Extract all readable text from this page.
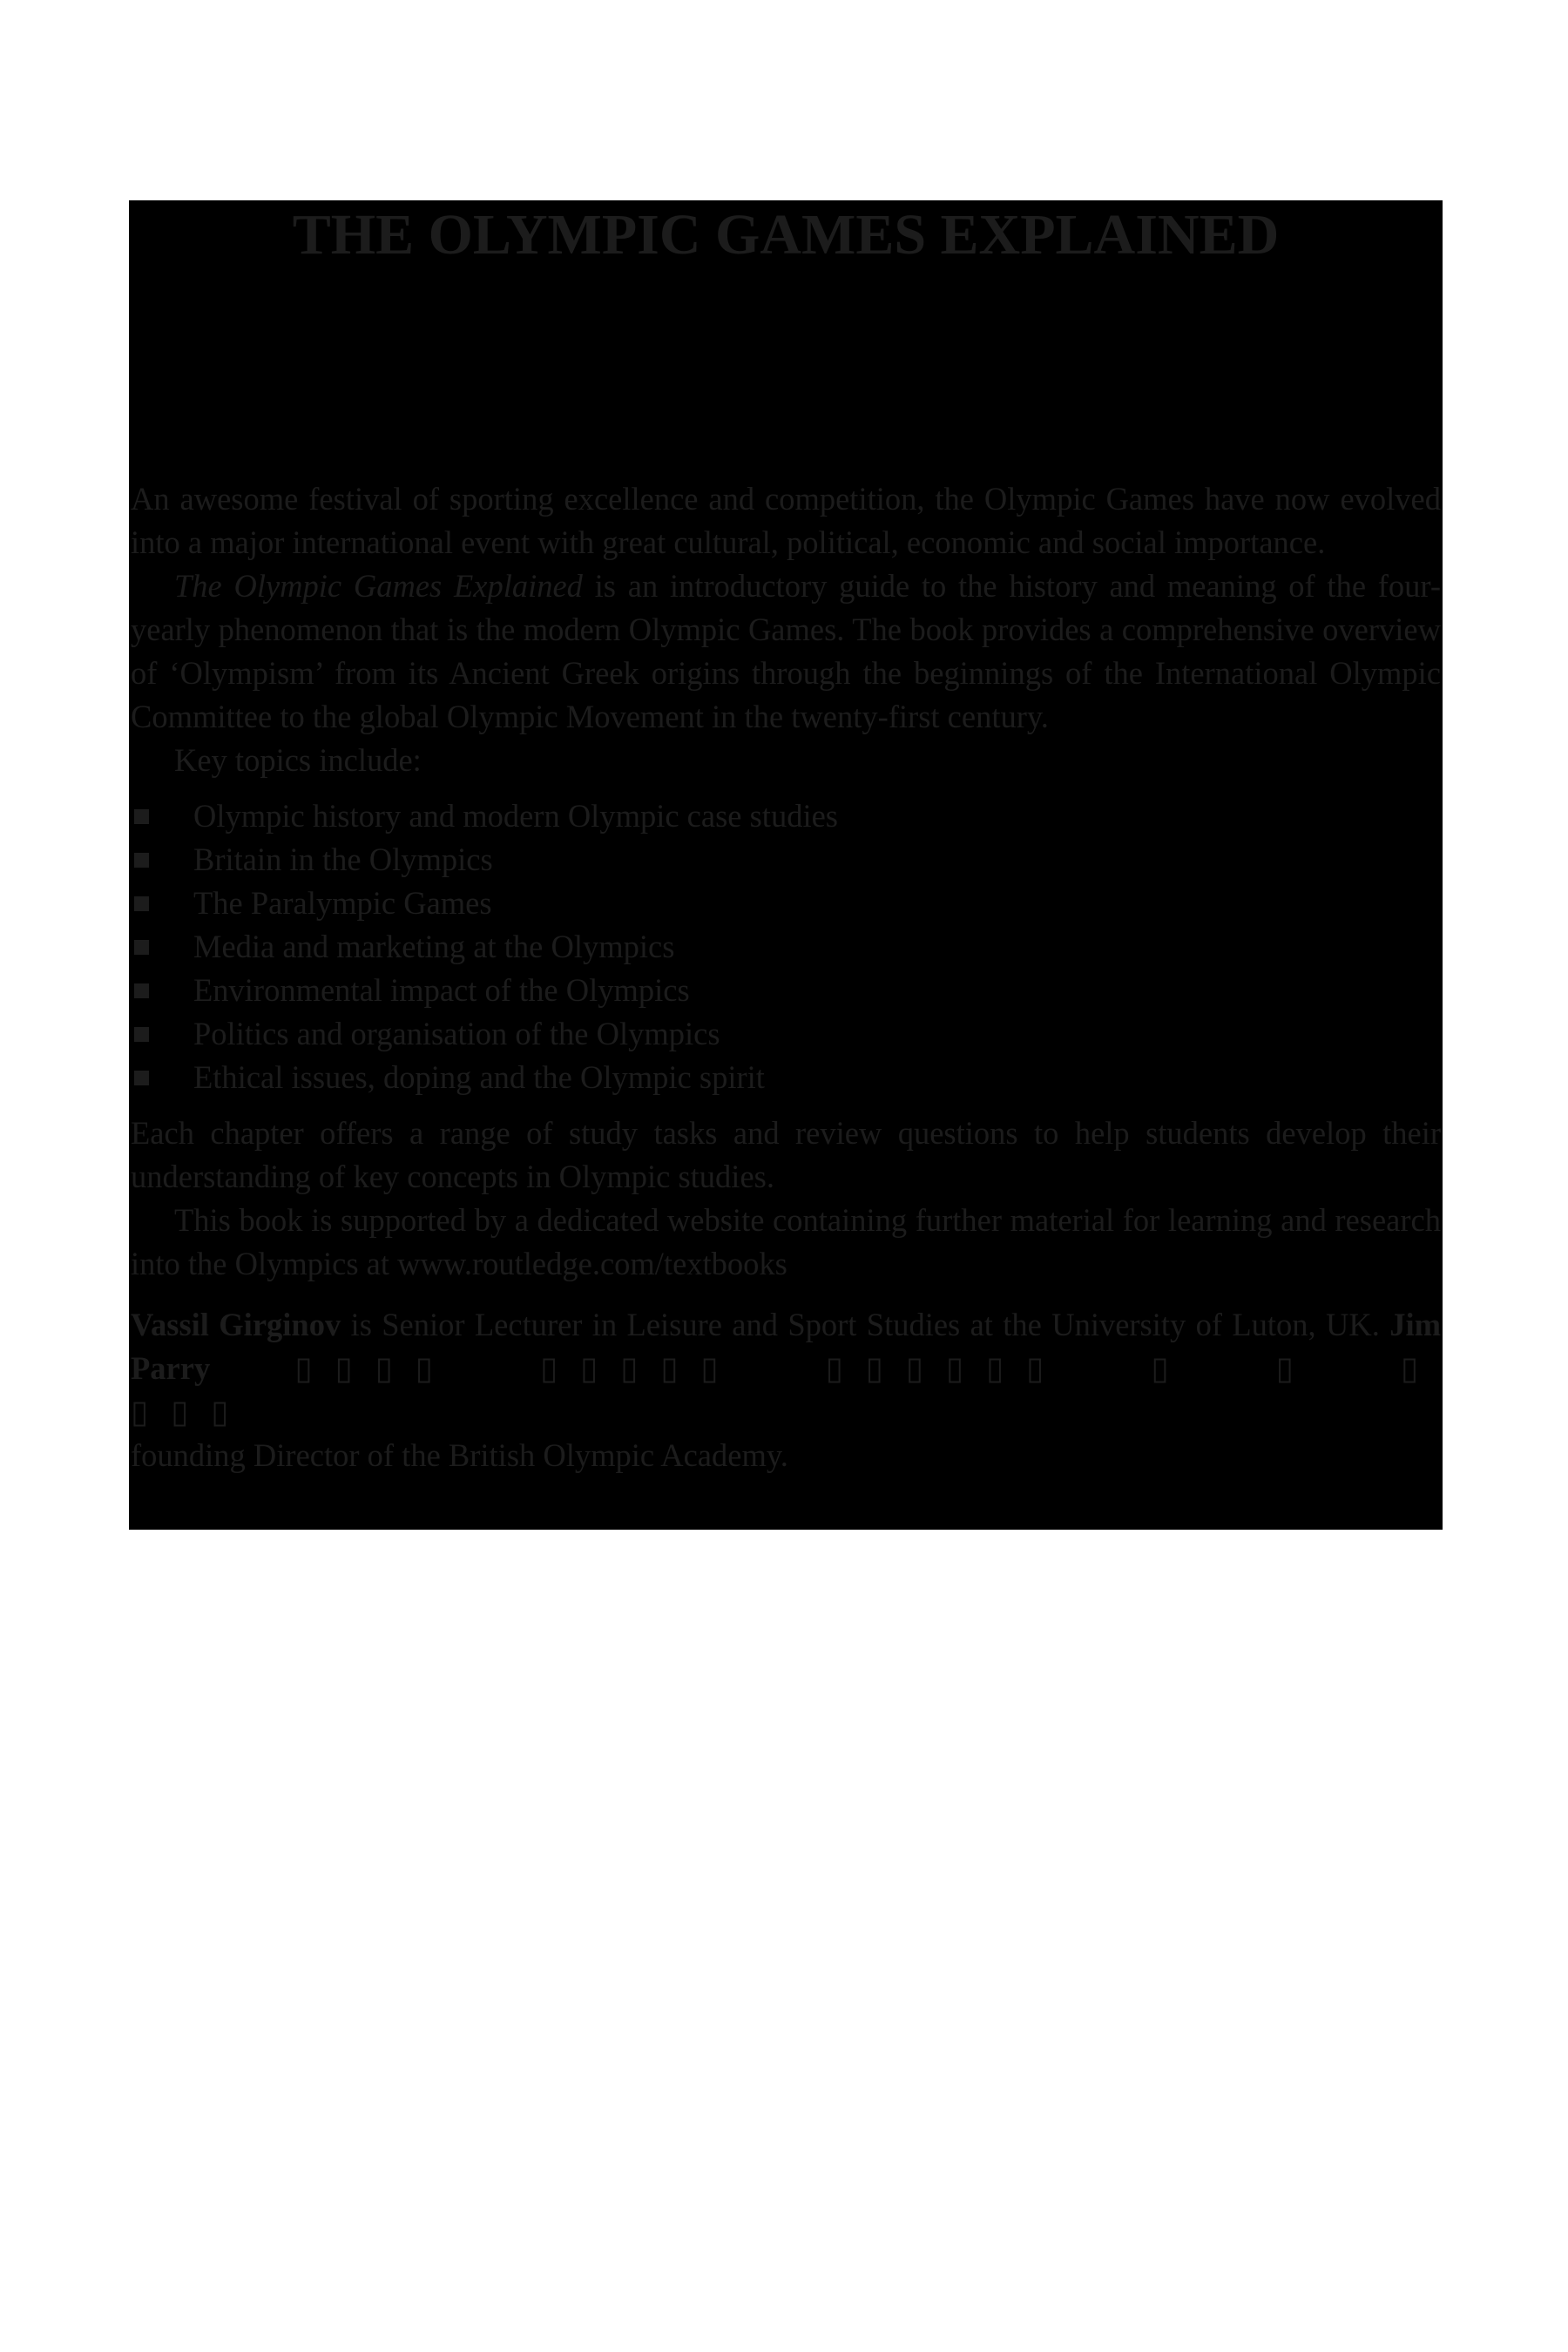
THE OLYMPIC GAMES EXPLAINED

An awesome festival of sporting excellence and competition, the Olympic Games have now evolved into a major international event with great cultural, political, economic and social importance.

The Olympic Games Explained is an introductory guide to the history and meaning of the four-yearly phenomenon that is the modern Olympic Games. The book provides a comprehensive overview of ‘Olympism’ from its Ancient Greek origins through the beginnings of the International Olympic Committee to the global Olympic Movement in the twenty-first century.

Key topics include:

Olympic history and modern Olympic case studies
Britain in the Olympics
The Paralympic Games
Media and marketing at the Olympics
Environmental impact of the Olympics
Politics and organisation of the Olympics
Ethical issues, doping and the Olympic spirit

Each chapter offers a range of study tasks and review questions to help students develop their understanding of key concepts in Olympic studies.

This book is supported by a dedicated website containing further material for learning and research into the Olympics at www.routledge.com/textbooks

Vassil Girginov is Senior Lecturer in Leisure and Sport Studies at the University of Luton, UK. Jim Parry ▯▯▯▯ ▯▯▯▯▯ ▯▯▯▯▯▯ ▯ ▯ ▯ ▯▯▯
founding Director of the British Olympic Academy.
